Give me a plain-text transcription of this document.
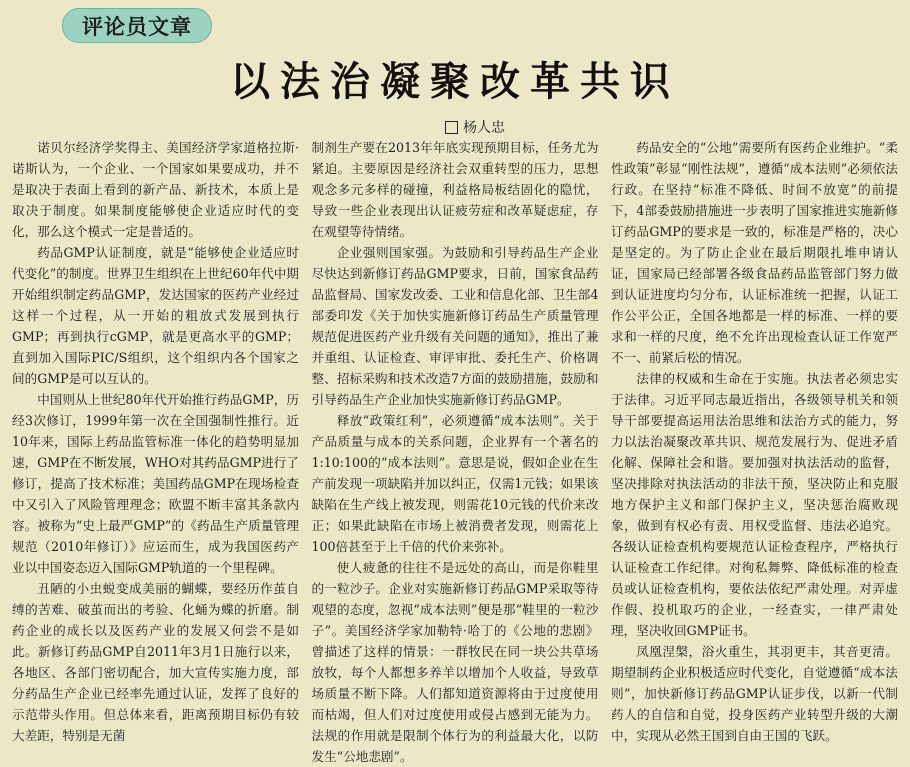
评论员文章
以法治凝聚改革共识
杨人忠

诺贝尔经济学奖得主、美国经济学家道格拉斯·诺斯认为，一个企业、一个国家如果要成功，并不是取决于表面上看到的新产品、新技术，本质上是取决于制度。如果制度能够使企业适应时代的变化，那么这个模式一定是普适的。

药品GMP认证制度，就是“能够使企业适应时代变化”的制度。世界卫生组织在上世纪60年代中期开始组织制定药品GMP，发达国家的医药产业经过这样一个过程，从一开始的粗放式发展到执行GMP；再到执行cGMP，就是更高水平的GMP；直到加入国际PIC/S组织，这个组织内各个国家之间的GMP是可以互认的。

中国则从上世纪80年代开始推行药品GMP，历经3次修订，1999年第一次在全国强制性推行。近10年来，国际上药品监管标准一体化的趋势明显加速，GMP在不断发展，WHO对其药品GMP进行了修订，提高了技术标准；美国药品GMP在现场检查中又引入了风险管理理念；欧盟不断丰富其条款内容。被称为“史上最严GMP”的《药品生产质量管理规范（2010年修订）》应运而生，成为我国医药产业以中国姿态迈入国际GMP轨道的一个里程碑。

丑陋的小虫蜕变成美丽的蝴蝶，要经历作茧自缚的苦难、破茧而出的考验、化蛹为蝶的折磨。制药企业的成长以及医药产业的发展又何尝不是如此。新修订药品GMP自2011年3月1日施行以来，各地区、各部门密切配合，加大宣传实施力度，部分药品生产企业已经率先通过认证，发挥了良好的示范带头作用。但总体来看，距离预期目标仍有较大差距，特别是无菌

制剂生产要在2013年年底实现预期目标，任务尤为紧迫。主要原因是经济社会双重转型的压力，思想观念多元多样的碰撞，利益格局板结固化的隐忧，导致一些企业表现出认证疲劳症和改革疑虑症，存在观望等待情绪。

企业强则国家强。为鼓励和引导药品生产企业尽快达到新修订药品GMP要求，日前，国家食品药品监督局、国家发改委、工业和信息化部、卫生部4部委印发《关于加快实施新修订药品生产质量管理规范促进医药产业升级有关问题的通知》，推出了兼并重组、认证检查、审评审批、委托生产、价格调整、招标采购和技术改造7方面的鼓励措施，鼓励和引导药品生产企业加快实施新修订药品GMP。

释放“政策红利”，必须遵循“成本法则”。关于产品质量与成本的关系问题，企业界有一个著名的1:10:100的“成本法则”。意思是说，假如企业在生产前发现一项缺陷并加以纠正，仅需1元钱；如果该缺陷在生产线上被发现，则需花10元钱的代价来改正；如果此缺陷在市场上被消费者发现，则需花上100倍甚至于上千倍的代价来弥补。

使人疲惫的往往不是远处的高山，而是你鞋里的一粒沙子。企业对实施新修订药品GMP采取等待观望的态度，忽视“成本法则”便是那“鞋里的一粒沙子”。美国经济学家加勒特·哈丁的《公地的悲剧》曾描述了这样的情景：一群牧民在同一块公共草场放牧，每个人都想多养羊以增加个人收益，导致草场质量不断下降。人们都知道资源将由于过度使用而枯竭，但人们对过度使用或侵占感到无能为力。法规的作用就是限制个体行为的利益最大化，以防发生“公地悲剧”。

药品安全的“公地”需要所有医药企业维护。“柔性政策”彰显“刚性法规”，遵循“成本法则”必须依法行政。在坚持“标准不降低、时间不放宽”的前提下，4部委鼓励措施进一步表明了国家推进实施新修订药品GMP的要求是一致的，标准是严格的，决心是坚定的。为了防止企业在最后期限扎堆申请认证，国家局已经部署各级食品药品监管部门努力做到认证进度均匀分布，认证标准统一把握，认证工作公平公正，全国各地都是一样的标准、一样的要求和一样的尺度，绝不允许出现检查认证工作宽严不一、前紧后松的情况。

法律的权威和生命在于实施。执法者必须忠实于法律。习近平同志最近指出，各级领导机关和领导干部要提高运用法治思维和法治方式的能力，努力以法治凝聚改革共识、规范发展行为、促进矛盾化解、保障社会和谐。要加强对执法活动的监督，坚决排除对执法活动的非法干预，坚决防止和克服地方保护主义和部门保护主义，坚决惩治腐败现象，做到有权必有责、用权受监督、违法必追究。各级认证检查机构要规范认证检查程序，严格执行认证检查工作纪律。对徇私舞弊、降低标准的检查员或认证检查机构，要依法依纪严肃处理。对弄虚作假、投机取巧的企业，一经查实，一律严肃处理，坚决收回GMP证书。

凤凰涅槃，浴火重生，其羽更丰，其音更清。期望制药企业积极适应时代变化，自觉遵循“成本法则”，加快新修订药品GMP认证步伐，以新一代制药人的自信和自觉，投身医药产业转型升级的大潮中，实现从必然王国到自由王国的飞跃。
